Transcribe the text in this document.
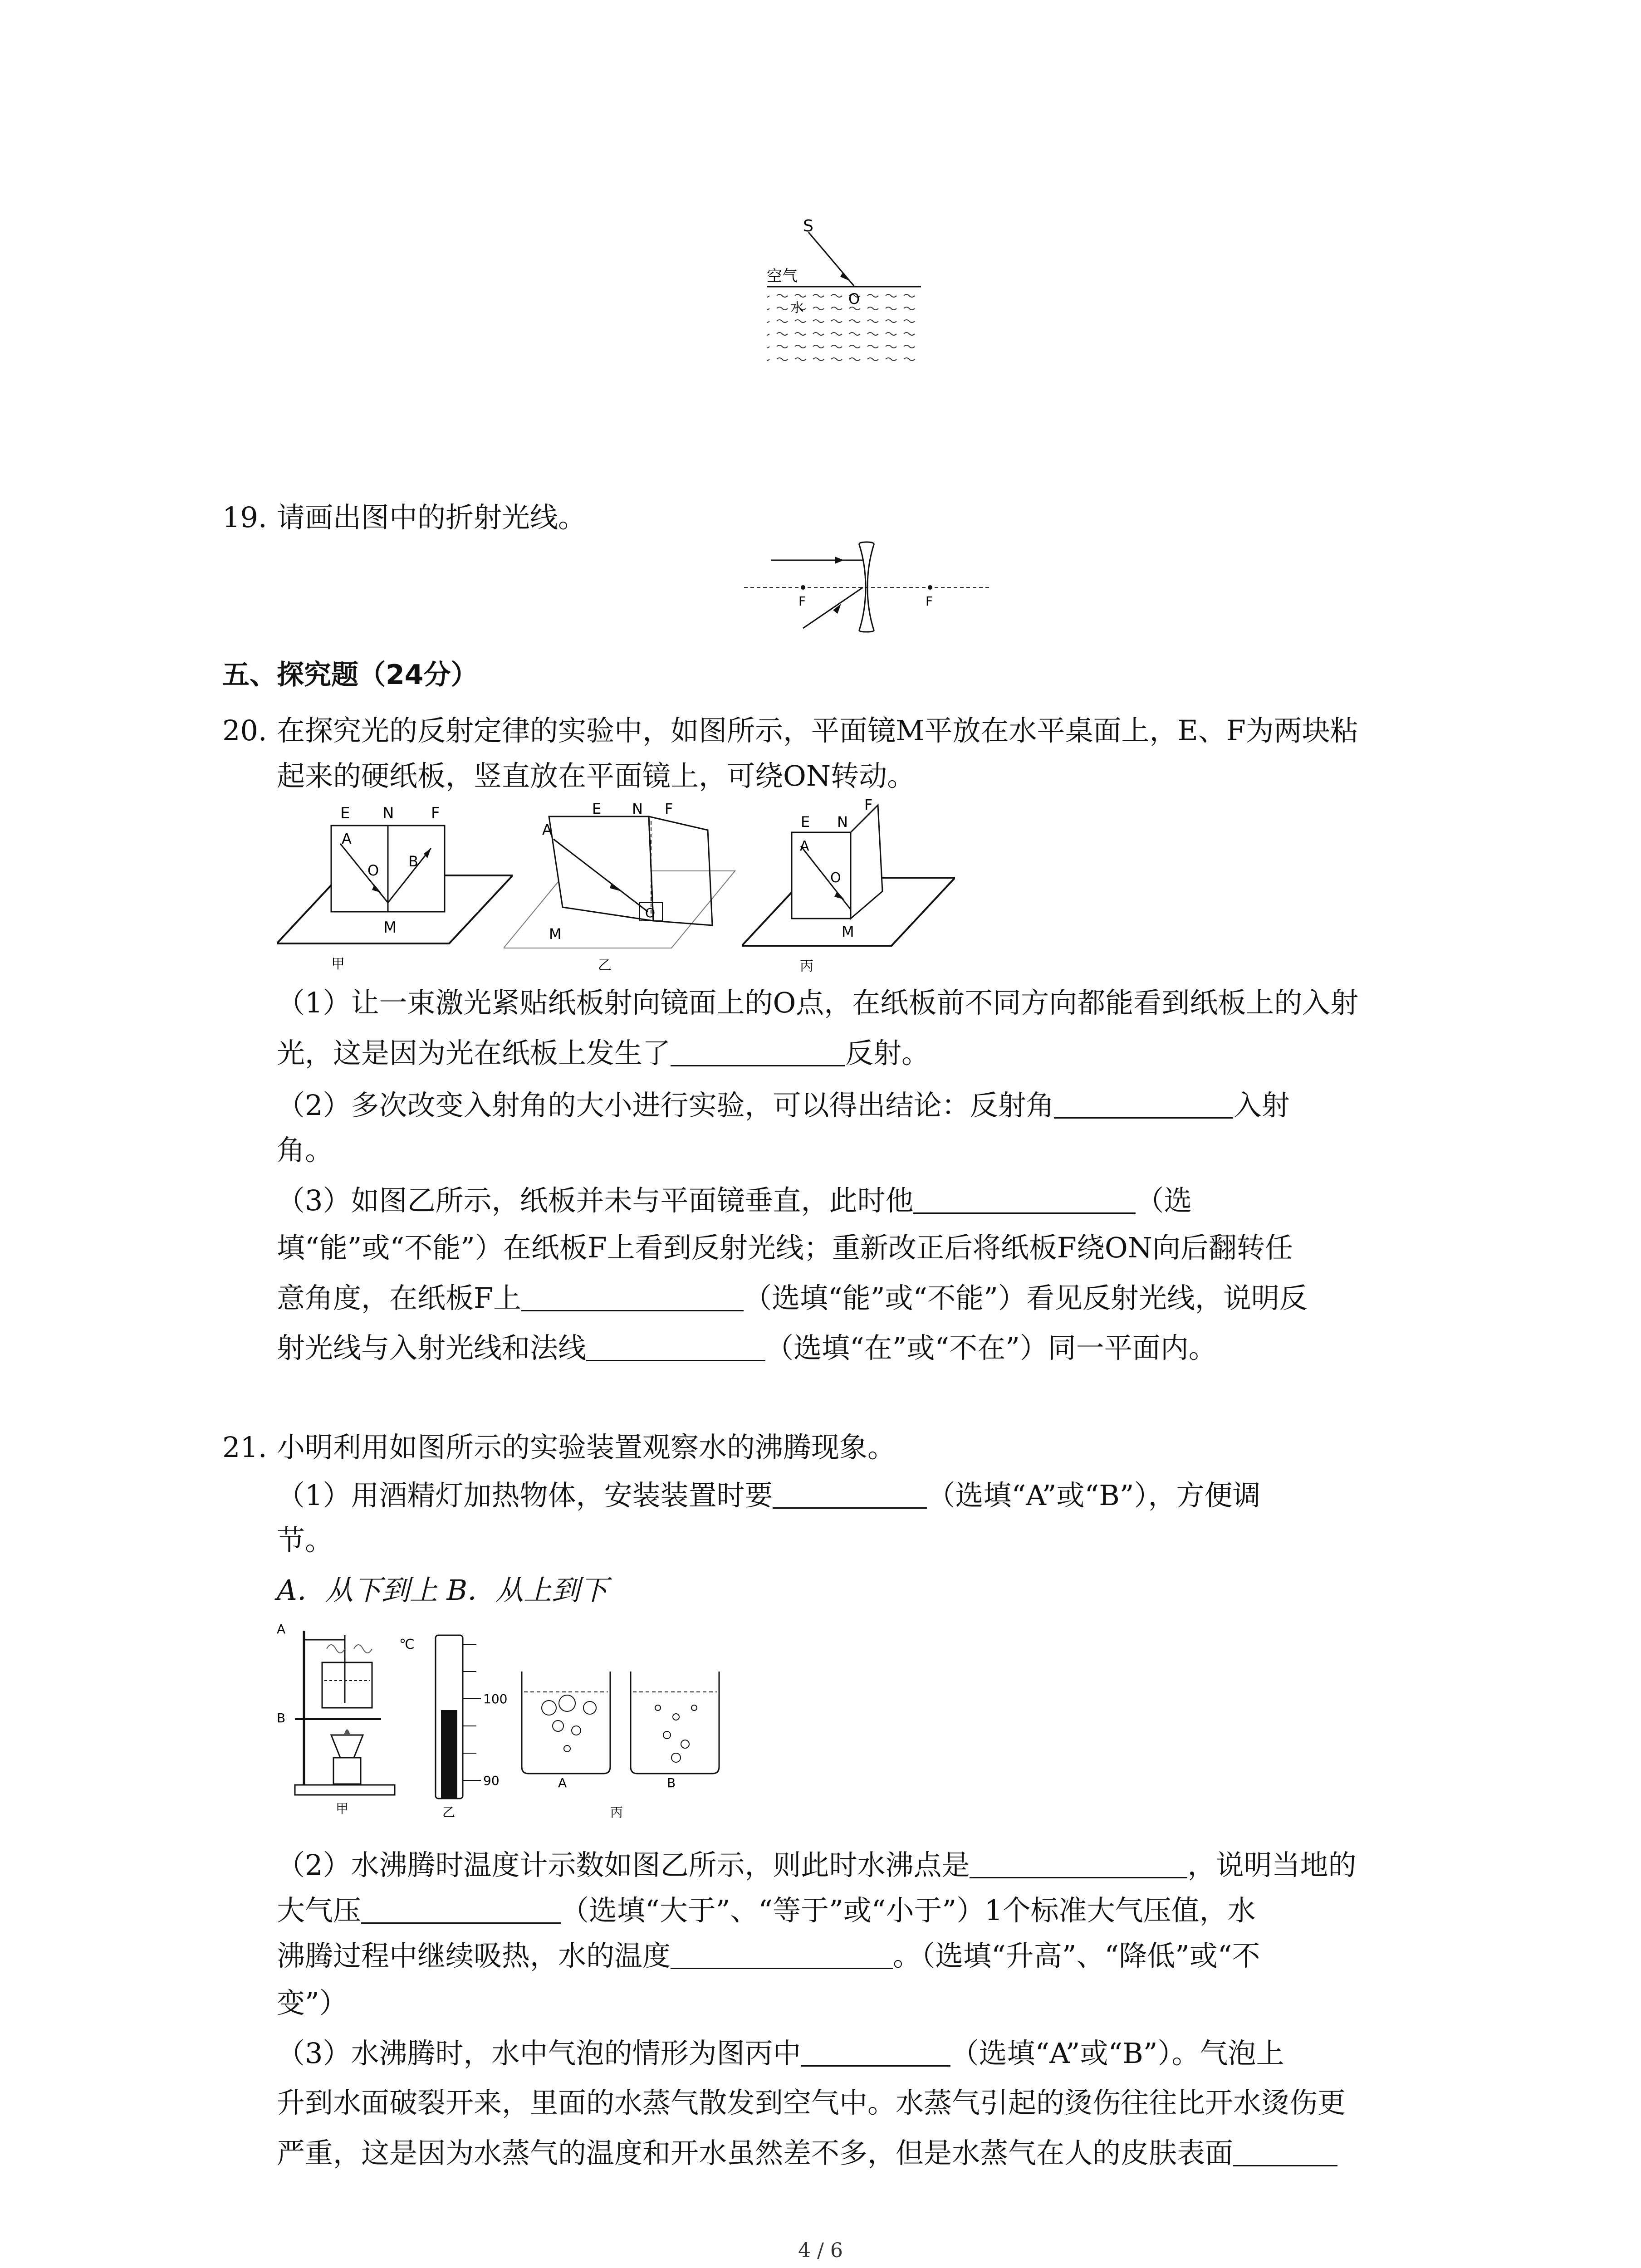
S
空气
水
O
19. 请画出图中的折射光线。
F	F
五、探究题（24分）
20. 在探究光的反射定律的实验中，如图所示，平面镜M平放在水平桌面上，E、F为两块粘
起来的硬纸板，竖直放在平面镜上，可绕ON转动。
E N F
A
O
B
M
甲
A
E N F
M
O
乙
E N
F
A
O
M
丙
（1）让一束激光紧贴纸板射向镜面上的O点，在纸板前不同方向都能看到纸板上的入射
光，这是因为光在纸板上发生了	反射。
（2）多次改变入射角的大小进行实验，可以得出结论：反射角	入射
角。
（3）如图乙所示，纸板并未与平面镜垂直，此时他	（选
填“能”或“不能”）在纸板F上看到反射光线；重新改正后将纸板F绕ON向后翻转任
意角度，在纸板F上	（选填“能”或“不能”）看见反射光线，说明反
射光线与入射光线和法线	（选填“在”或“不在”）同一平面内。
21. 小明利用如图所示的实验装置观察水的沸腾现象。
（1）用酒精灯加热物体，安装装置时要	（选填“A”或“B”），方便调
节。
A．从下到上 B．从上到下
A
B
甲
℃
100
90
乙
A	B
丙
（2）水沸腾时温度计示数如图乙所示，则此时水沸点是	，说明当地的
大气压	（选填“大于”、“等于”或“小于”）1个标准大气压值，水
沸腾过程中继续吸热，水的温度	。（选填“升高”、“降低”或“不
变”）
（3）水沸腾时，水中气泡的情形为图丙中	（选填“A”或“B”）。气泡上
升到水面破裂开来，里面的水蒸气散发到空气中。水蒸气引起的烫伤往往比开水烫伤更
严重，这是因为水蒸气的温度和开水虽然差不多，但是水蒸气在人的皮肤表面
4 / 6
